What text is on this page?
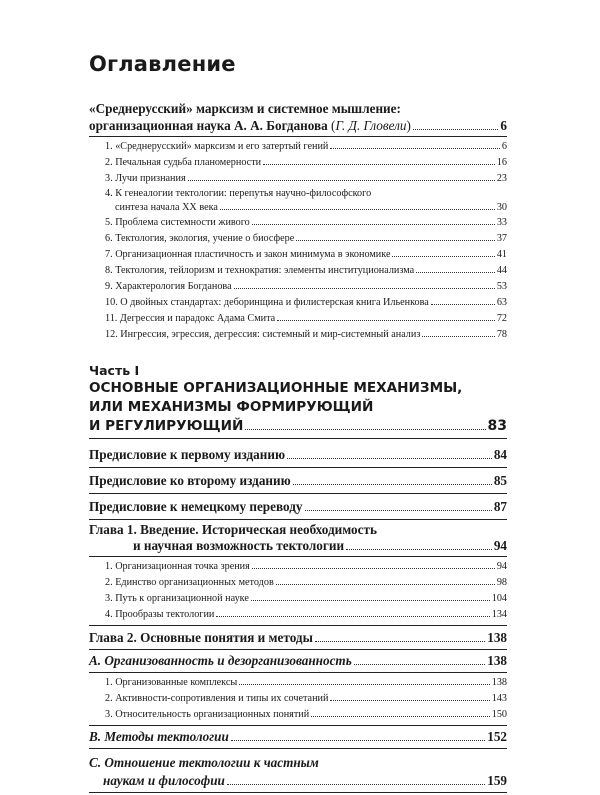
Оглавление
«Среднерусский» марксизм и системное мышление:
организационная наука А. А. Богданова (Г. Д. Гловели)	6
1. «Среднерусский» марксизм и его затертый гений	6
2. Печальная судьба планомерности	16
3. Лучи признания	23
4. К генеалогии тектологии: перепутья научно-философского
синтеза начала XX века	30
5. Проблема системности живого	33
6. Тектология, экология, учение о биосфере	37
7. Организационная пластичность и закон минимума в экономике	41
8. Тектология, тейлоризм и технократия: элементы институционализма	44
9. Характерология Богданова	53
10. О двойных стандартах: деборинщина и филистерская книга Ильенкова	63
11. Дегрессия и парадокс Адама Смита	72
12. Ингрессия, эгрессия, дегрессия: системный и мир-системный анализ	78
Часть I
ОСНОВНЫЕ ОРГАНИЗАЦИОННЫЕ МЕХАНИЗМЫ,
ИЛИ МЕХАНИЗМЫ ФОРМИРУЮЩИЙ
И РЕГУЛИРУЮЩИЙ	83
Предисловие к первому изданию	84
Предисловие ко второму изданию	85
Предисловие к немецкому переводу	87
Глава 1. Введение. Историческая необходимость
и научная возможность тектологии	94
1. Организационная точка зрения	94
2. Единство организационных методов	98
3. Путь к организационной науке	104
4. Прообразы тектологии	134
Глава 2. Основные понятия и методы	138
А. Организованность и дезорганизованность	138
1. Организованные комплексы	138
2. Активности-сопротивления и типы их сочетаний	143
3. Относительность организационных понятий	150
В. Методы тектологии	152
С. Отношение тектологии к частным
наукам и философии	159
